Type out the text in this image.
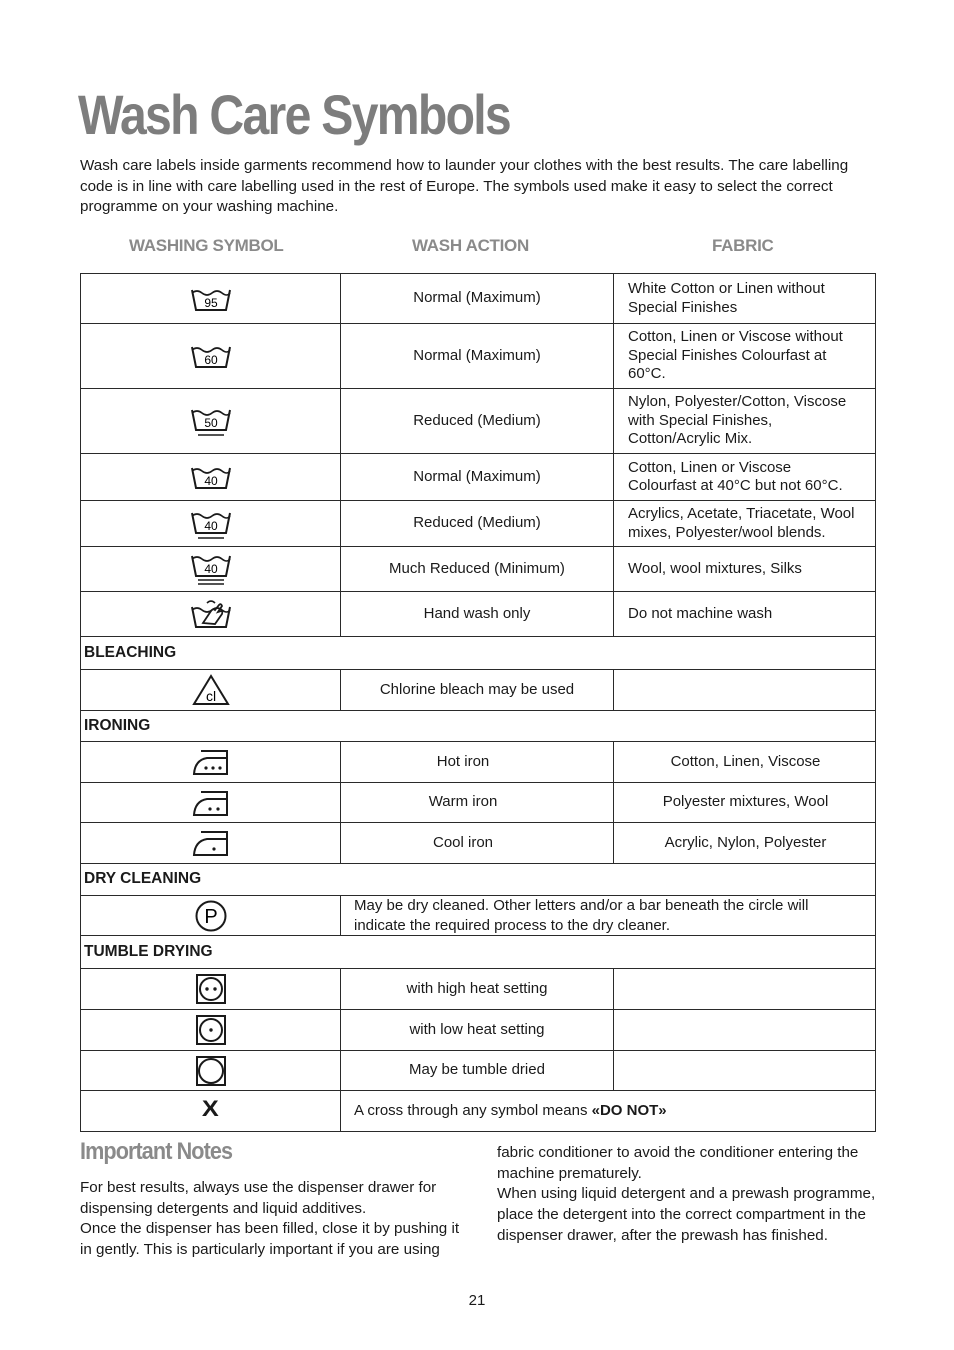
Wash Care Symbols
Wash care labels inside garments recommend how to launder your clothes with the best results. The care labelling code is in line with care labelling used in the rest of Europe. The symbols used make it easy to select the correct programme on your washing machine.
WASHING SYMBOL	WASH ACTION	FABRIC
95	Normal (Maximum)	White Cotton or Linen without Special Finishes

60	Normal (Maximum)	Cotton, Linen or Viscose without Special Finishes Colourfast at 60°C.

50	Reduced (Medium)	Nylon, Polyester/Cotton, Viscose with Special Finishes, Cotton/Acrylic Mix.

40	Normal (Maximum)	Cotton, Linen or Viscose Colourfast at 40°C but not 60°C.

40	Reduced (Medium)	Acrylics, Acetate, Triacetate, Wool mixes, Polyester/wool blends.

40	Much Reduced (Minimum)	Wool, wool mixtures, Silks
	Hand wash only	Do not machine wash
BLEACHING		

cl	Chlorine bleach may be used	
IRONING		
	Hot iron	Cotton, Linen, Viscose
	Warm iron	Polyester mixtures, Wool
	Cool iron	Acrylic, Nylon, Polyester
DRY CLEANING		

P	May be dry cleaned. Other letters and/or a bar beneath the circle will indicate the required process to the dry cleaner.	
TUMBLE DRYING		
	with high heat setting	
	with low heat setting	
	May be tumble dried	
X	A cross through any symbol means «DO NOT»	
Important Notes

For best results, always use the dispenser drawer for dispensing detergents and liquid additives.

Once the dispenser has been filled, close it by pushing it in gently. This is particularly important if you are using

fabric conditioner to avoid the conditioner entering the machine prematurely.

When using liquid detergent and a prewash programme, place the detergent into the correct compartment in the dispenser drawer, after the prewash has finished.

21
